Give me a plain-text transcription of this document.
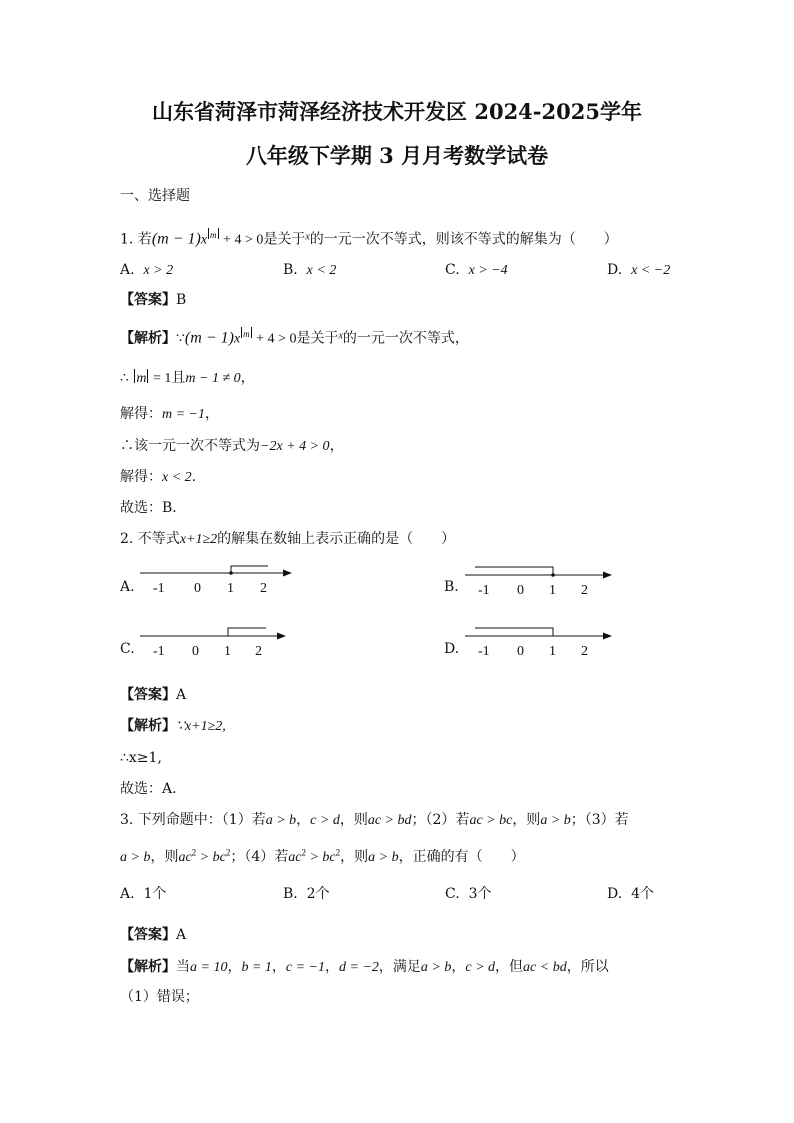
山东省菏泽市菏泽经济技术开发区 2024-2025学年
八年级下学期 3 月月考数学试卷
一、选择题
1. 若(m − 1)x $^m$ + 4 > 0是关于$^x$的一元一次不等式，则该不等式的解集为（　　）
A. x > 2	B. x < 2	C. x > −4	D. x < −2
【答案】B
【解析】∵(m − 1)x $^m$ + 4 > 0是关于$^x$的一元一次不等式，
∴ m = 1且m − 1 ≠ 0，
解得：m = −1，
∴该一元一次不等式为−2x + 4 > 0，
解得：x < 2.
故选：B．
2. 不等式x+1≥2的解集在数轴上表示正确的是（　　）
A. -1 0 1 2	B. -1 0 1 2
C. -1 0 1 2	D. -1 0 1 2
【答案】A
【解析】∵x+1≥2,
∴x≥1,
故选：A．
3. 下列命题中：（1）若a > b，c > d，则ac > bd；（2）若ac > bc，则a > b；（3）若
a > b，则$ac^2 > bc^2$；（4）若$ac^2 > bc^2$，则a > b，正确的有（　　）
A. 1个	B. 2个	C. 3个	D. 4个
【答案】A
【解析】当a = 10，b = 1，c = −1，d = −2，满足a > b，c > d，但ac < bd，所以
（1）错误；
